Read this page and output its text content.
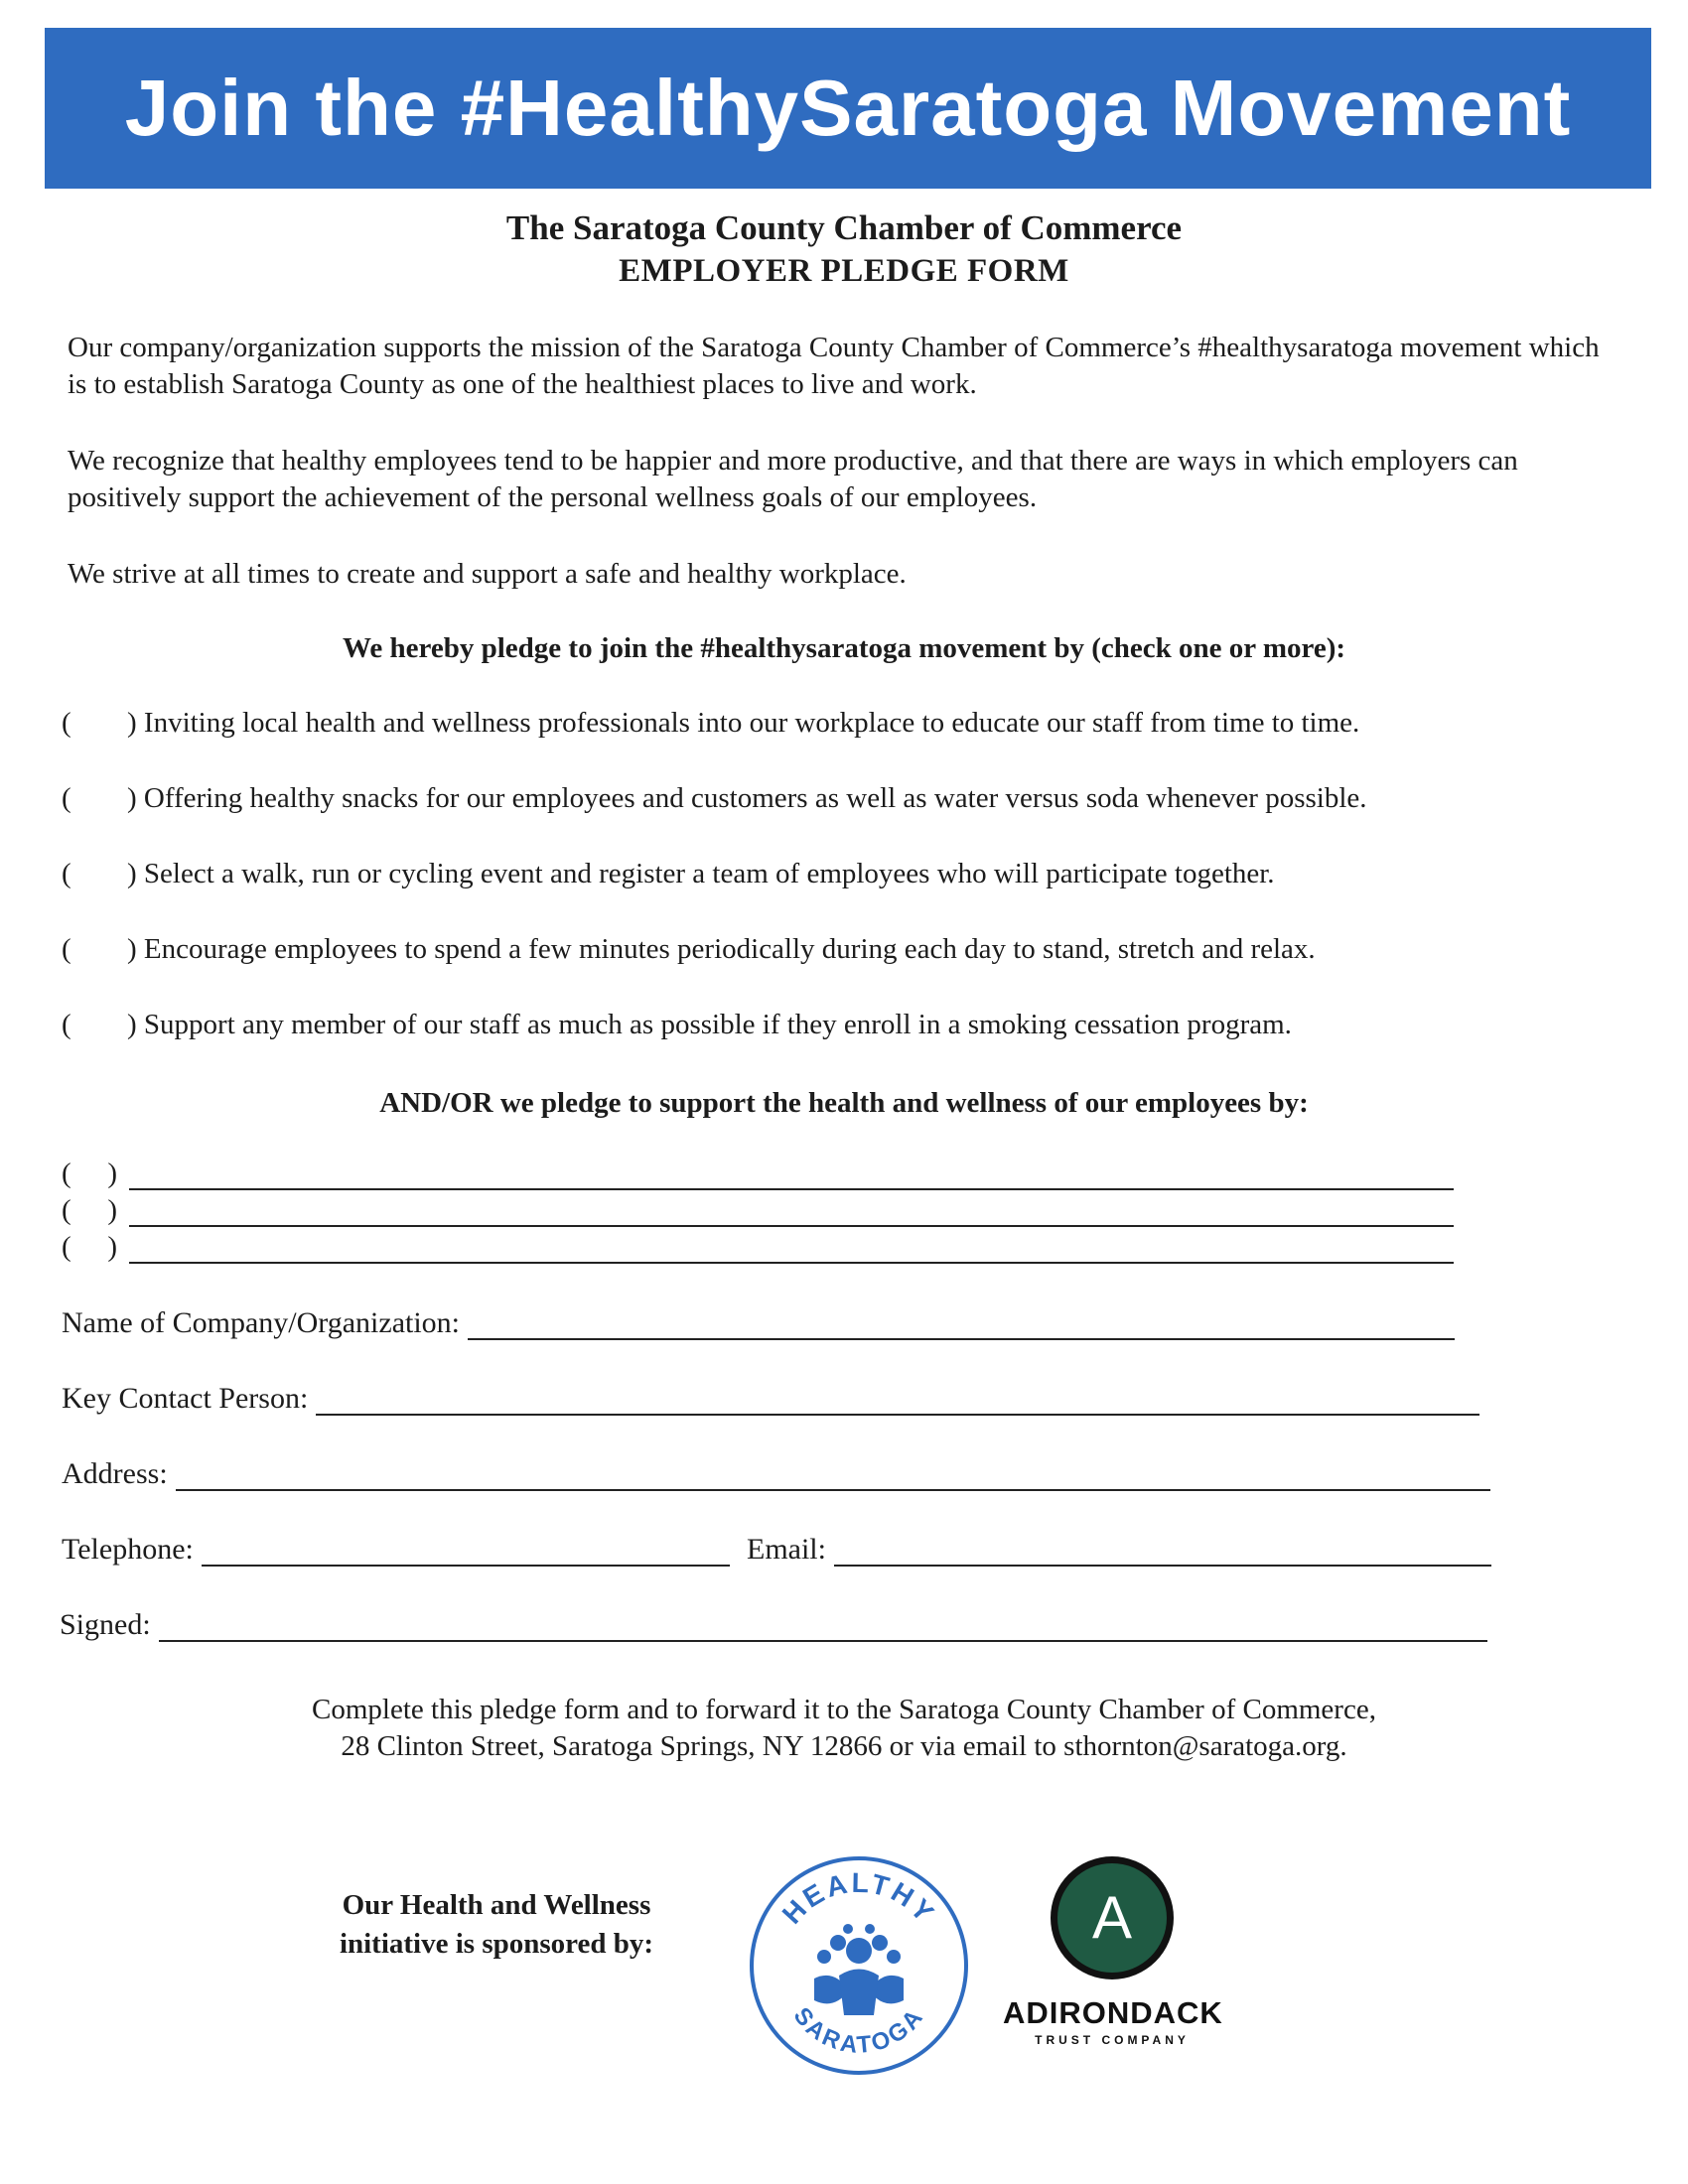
Join the #HealthySaratoga Movement
The Saratoga County Chamber of Commerce
EMPLOYER PLEDGE FORM

Our company/organization supports the mission of the Saratoga County Chamber of Commerce’s #healthysaratoga movement which is to establish Saratoga County as one of the healthiest places to live and work.

We recognize that healthy employees tend to be happier and more productive, and that there are ways in which employers can positively support the achievement of the personal wellness goals of our employees.

We strive at all times to create and support a safe and healthy workplace.

We hereby pledge to join the #healthysaratoga movement by (check one or more):
( ) Inviting local health and wellness professionals into our workplace to educate our staff from time to time.
( ) Offering healthy snacks for our employees and customers as well as water versus soda whenever possible.
( ) Select a walk, run or cycling event and register a team of employees who will participate together.
( ) Encourage employees to spend a few minutes periodically during each day to stand, stretch and relax.
( ) Support any member of our staff as much as possible if they enroll in a smoking cessation program.
AND/OR we pledge to support the health and wellness of our employees by:
( )
( )
( )
Name of Company/Organization:
Key Contact Person:
Address:
Telephone:	Email:
Signed:
Complete this pledge form and to forward it to the Saratoga County Chamber of Commerce,
28 Clinton Street, Saratoga Springs, NY 12866 or via email to sthornton@saratoga.org.
Our Health and Wellness
initiative is sponsored by:
HEALTHY
SARATOGA
A
ADIRONDACK
TRUST COMPANY
